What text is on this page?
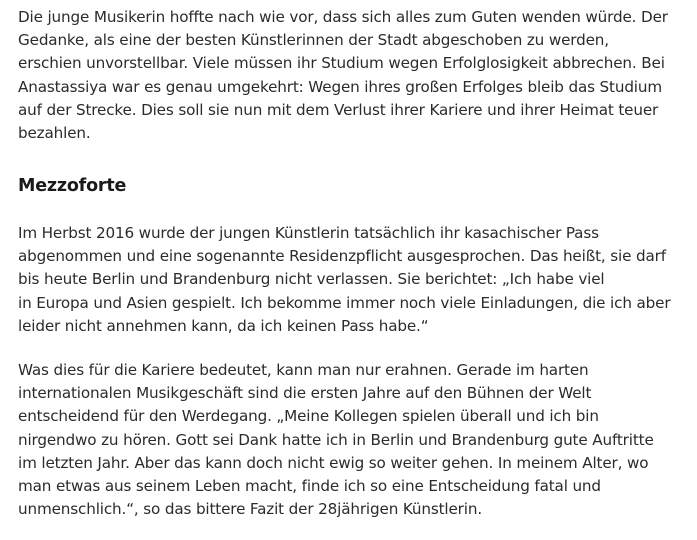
Die junge Musikerin hoffte nach wie vor, dass sich alles zum Guten wenden würde. Der
Gedanke, als eine der besten Künstlerinnen der Stadt abgeschoben zu werden,
erschien unvorstellbar. Viele müssen ihr Studium wegen Erfolglosigkeit abbrechen. Bei
Anastassiya war es genau umgekehrt: Wegen ihres großen Erfolges bleib das Studium
auf der Strecke. Dies soll sie nun mit dem Verlust ihrer Kariere und ihrer Heimat teuer
bezahlen.

Mezzoforte

Im Herbst 2016 wurde der jungen Künstlerin tatsächlich ihr kasachischer Pass
abgenommen und eine sogenannte Residenzpflicht ausgesprochen. Das heißt, sie darf
bis heute Berlin und Brandenburg nicht verlassen. Sie berichtet: „Ich habe viel
in Europa und Asien gespielt. Ich bekomme immer noch viele Einladungen, die ich aber
leider nicht annehmen kann, da ich keinen Pass habe.“

Was dies für die Kariere bedeutet, kann man nur erahnen. Gerade im harten
internationalen Musikgeschäft sind die ersten Jahre auf den Bühnen der Welt
entscheidend für den Werdegang. „Meine Kollegen spielen überall und ich bin
nirgendwo zu hören. Gott sei Dank hatte ich in Berlin und Brandenburg gute Auftritte
im letzten Jahr. Aber das kann doch nicht ewig so weiter gehen. In meinem Alter, wo
man etwas aus seinem Leben macht, finde ich so eine Entscheidung fatal und
unmenschlich.“, so das bittere Fazit der 28jährigen Künstlerin.
